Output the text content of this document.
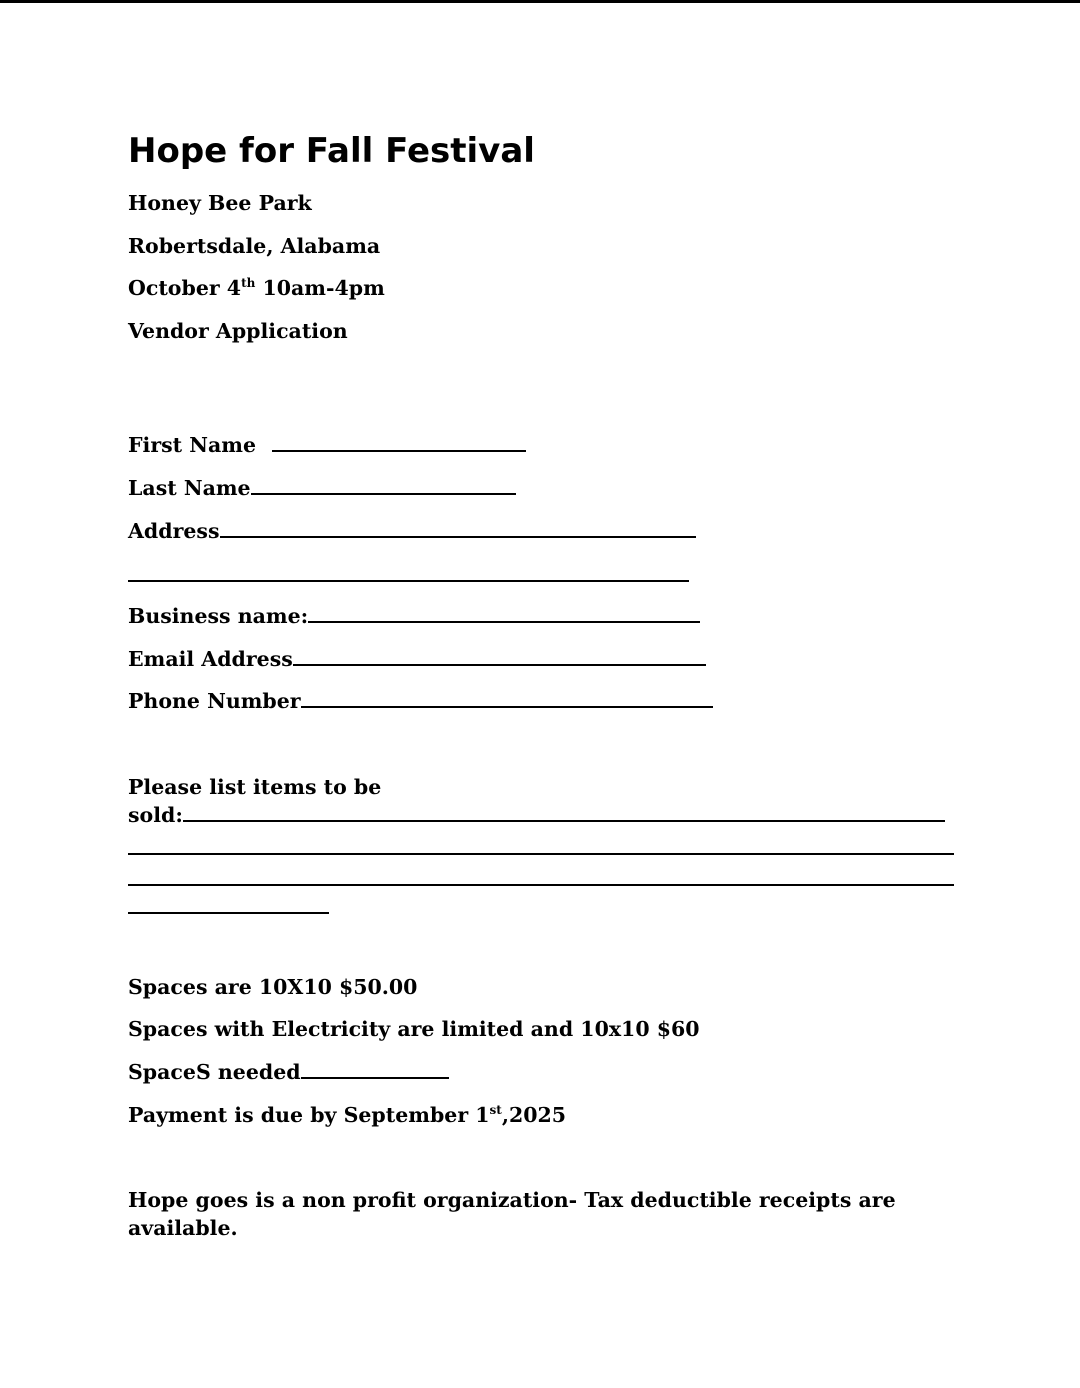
Hope for Fall Festival

Honey Bee Park

Robertsdale, Alabama

October 4th 10am-4pm

Vendor Application

First Name

Last Name

Address

Business name:

Email Address

Phone Number

Please list items to be

sold:

Spaces are 10X10 $50.00

Spaces with Electricity are limited and 10x10 $60

SpaceS needed

Payment is due by September 1st,2025

Hope goes is a non profit organization- Tax deductible receipts are available.
